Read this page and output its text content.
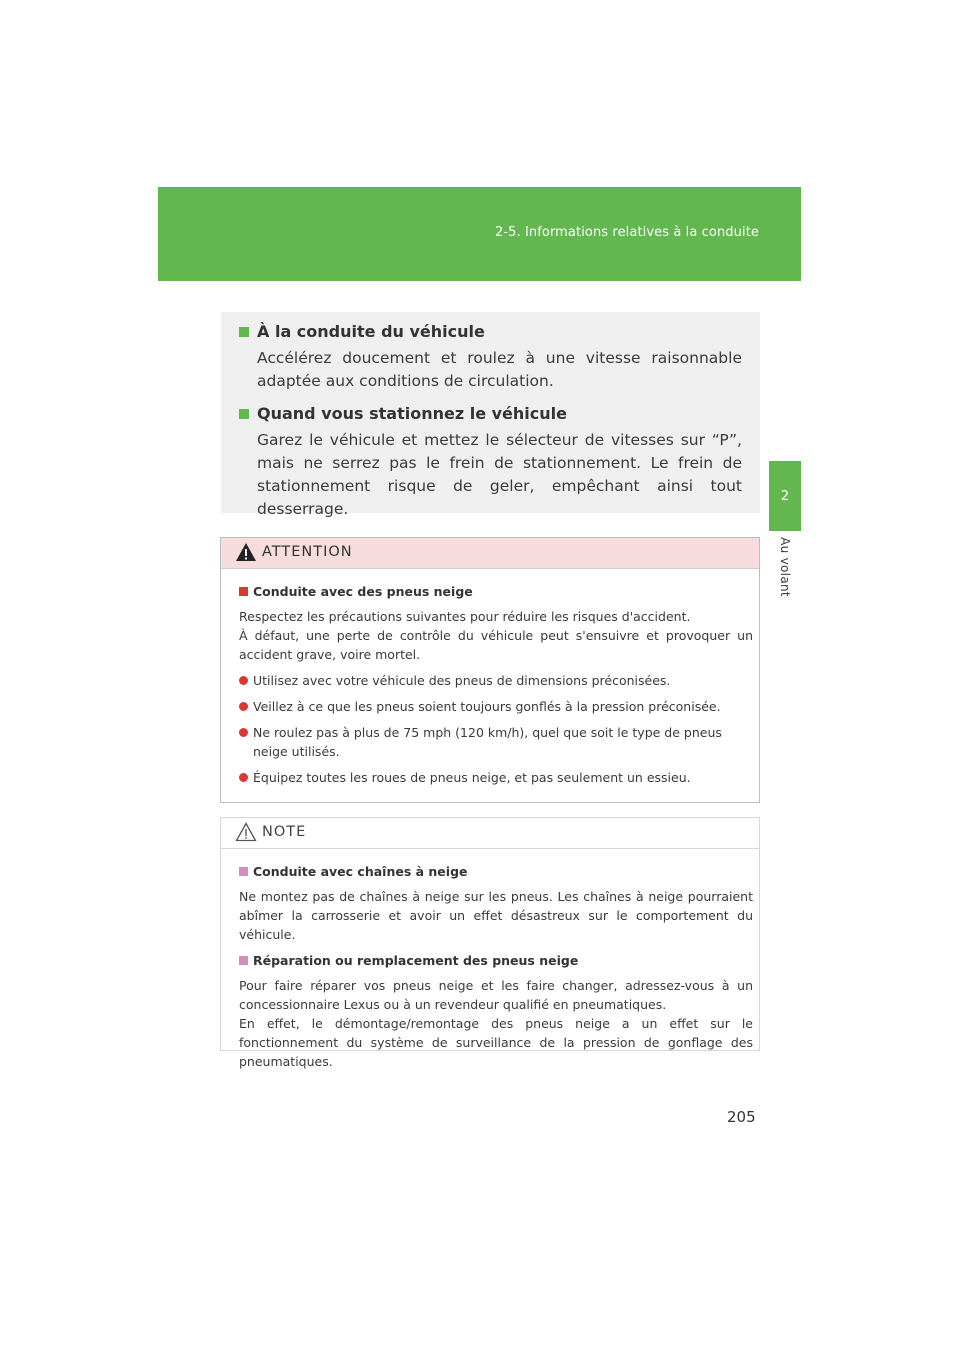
2-5. Informations relatives à la conduite
2
Au volant
À la conduite du véhicule
Accélérez doucement et roulez à une vitesse raisonnable adaptée aux conditions de circulation.
Quand vous stationnez le véhicule
Garez le véhicule et mettez le sélecteur de vitesses sur “P”, mais ne serrez pas le frein de stationnement. Le frein de stationnement risque de geler, empêchant ainsi tout desserrage.
ATTENTION
Conduite avec des pneus neige
Respectez les précautions suivantes pour réduire les risques d'accident.
À défaut, une perte de contrôle du véhicule peut s'ensuivre et provoquer un accident grave, voire mortel.
Utilisez avec votre véhicule des pneus de dimensions préconisées.
Veillez à ce que les pneus soient toujours gonflés à la pression préconisée.
Ne roulez pas à plus de 75 mph (120 km/h), quel que soit le type de pneus neige utilisés.
Équipez toutes les roues de pneus neige, et pas seulement un essieu.
NOTE
Conduite avec chaînes à neige
Ne montez pas de chaînes à neige sur les pneus. Les chaînes à neige pourraient abîmer la carrosserie et avoir un effet désastreux sur le comportement du véhicule.
Réparation ou remplacement des pneus neige
Pour faire réparer vos pneus neige et les faire changer, adressez-vous à un concessionnaire Lexus ou à un revendeur qualifié en pneumatiques.
En effet, le démontage/remontage des pneus neige a un effet sur le fonctionnement du système de surveillance de la pression de gonflage des pneumatiques.
205
